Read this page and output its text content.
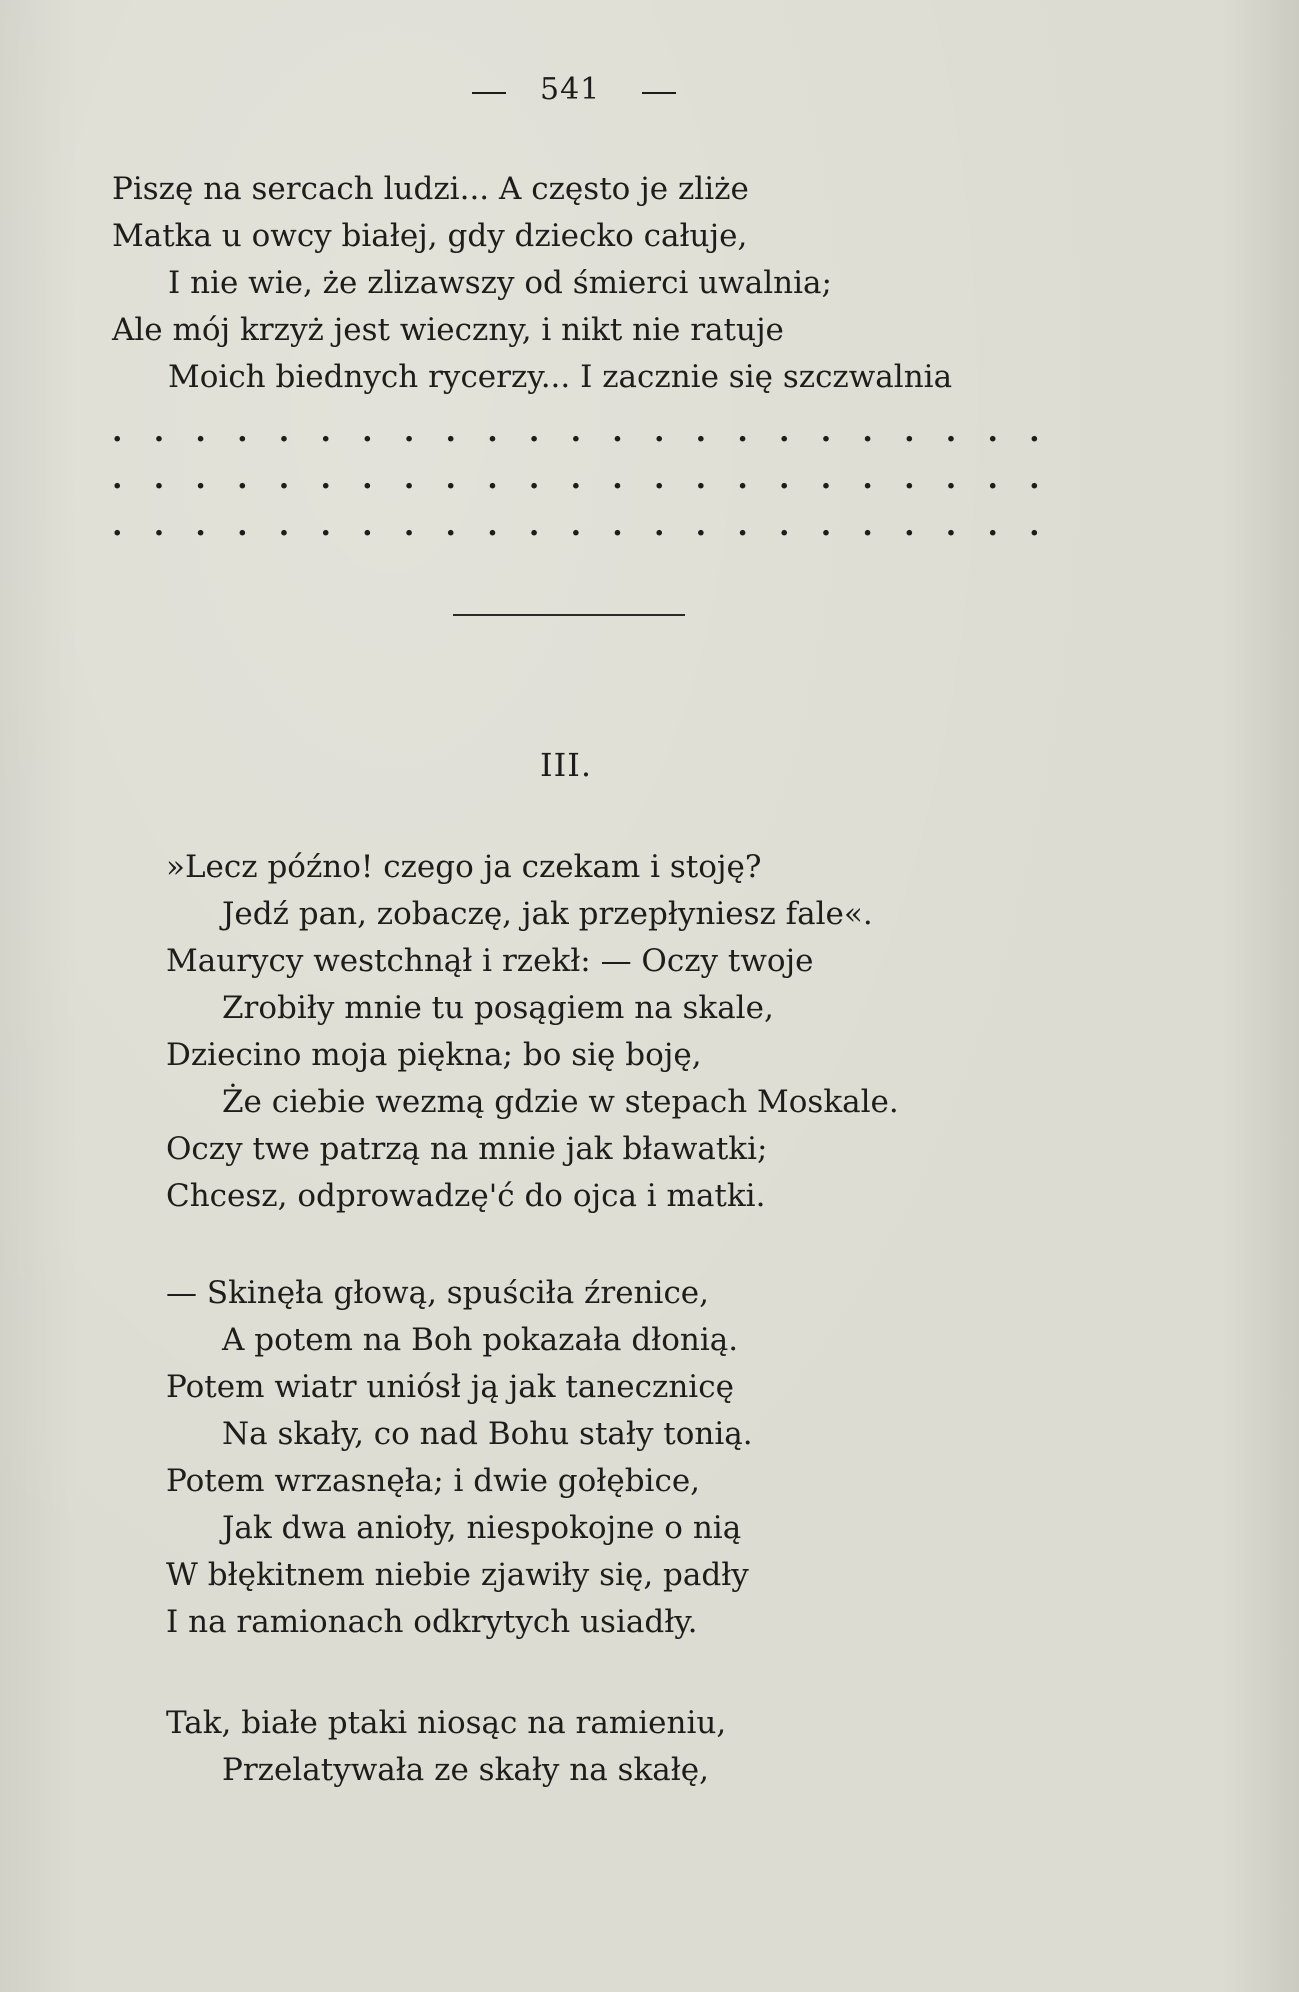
541
Piszę na sercach ludzi... A często je zliże
Matka u owcy białej, gdy dziecko całuje,
I nie wie, że zlizawszy od śmierci uwalnia;
Ale mój krzyż jest wieczny, i nikt nie ratuje
Moich biednych rycerzy... I zacznie się szczwalnia
. . . . . . . . . . . . . . . . . . . . . . .
. . . . . . . . . . . . . . . . . . . . . . .
. . . . . . . . . . . . . . . . . . . . . . .
III.
»Lecz późno! czego ja czekam i stoję?
Jedź pan, zobaczę, jak przepłyniesz fale«.
Maurycy westchnął i rzekł: — Oczy twoje
Zrobiły mnie tu posągiem na skale,
Dziecino moja piękna; bo się boję,
Że ciebie wezmą gdzie w stepach Moskale.
Oczy twe patrzą na mnie jak bławatki;
Chcesz, odprowadzę'ć do ojca i matki.
— Skinęła głową, spuściła źrenice,
A potem na Boh pokazała dłonią.
Potem wiatr uniósł ją jak tanecznicę
Na skały, co nad Bohu stały tonią.
Potem wrzasnęła; i dwie gołębice,
Jak dwa anioły, niespokojne o nią
W błękitnem niebie zjawiły się, padły
I na ramionach odkrytych usiadły.
Tak, białe ptaki niosąc na ramieniu,
Przelatywała ze skały na skałę,
